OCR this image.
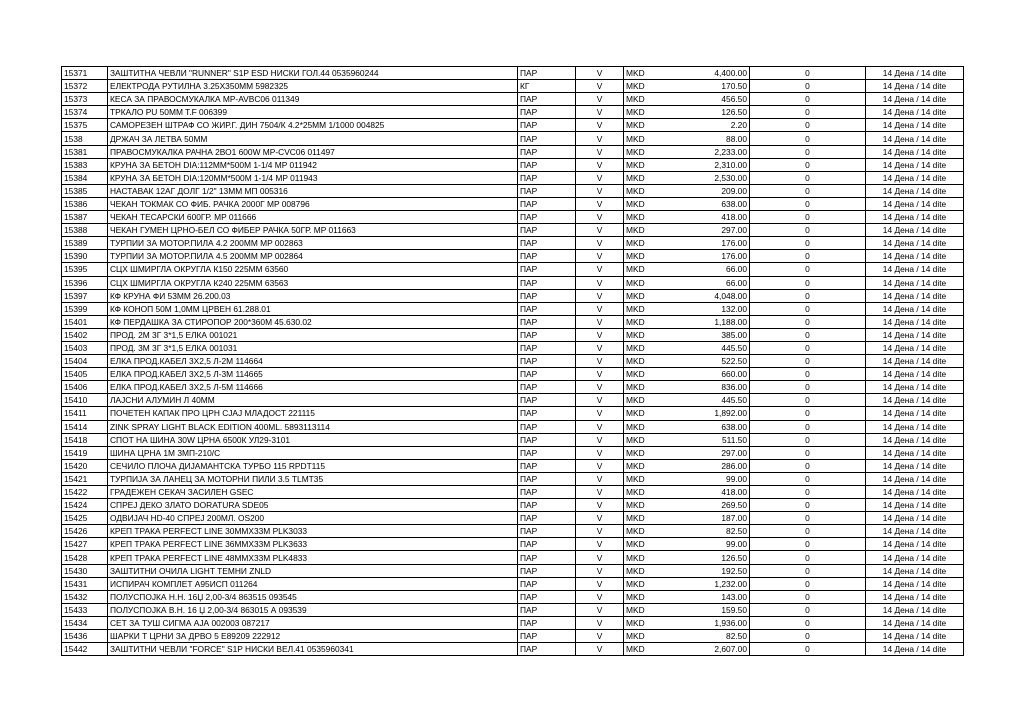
15371	ЗАШТИТНА ЧЕВЛИ "RUNNER" S1P ESD НИСКИ ГОЛ.44 0535960244	ПАР	V	MKD	4,400.00	0	14 Дена / 14 dite
15372	ЕЛЕКТРОДА РУТИЛНА 3.25Х350ММ 5982325	КГ	V	MKD	170.50	0	14 Дена / 14 dite
15373	КЕСА ЗА ПРАВОСМУКАЛКА MP-AVBC06 011349	ПАР	V	MKD	456.50	0	14 Дена / 14 dite
15374	ТРКАЛО PU 50MM T.F 006399	ПАР	V	MKD	126.50	0	14 Дена / 14 dite
15375	САМОРЕЗЕН ШТРАФ СО ЖИР.Г. ДИН 7504/К 4.2*25ММ 1/1000 004825	ПАР	V	MKD	2.20	0	14 Дена / 14 dite
1538	ДРЖАЧ ЗА ЛЕТВА 50ММ	ПАР	V	MKD	88.00	0	14 Дена / 14 dite
15381	ПРАВОСМУКАЛКА РАЧНА 2ВО1 600W MP-CVC06 011497	ПАР	V	MKD	2,233.00	0	14 Дена / 14 dite
15383	КРУНА ЗА БЕТОН DIA:112ММ*500М 1-1/4 MP 011942	ПАР	V	MKD	2,310.00	0	14 Дена / 14 dite
15384	КРУНА ЗА БЕТОН DIA:120ММ*500М 1-1/4 MP 011943	ПАР	V	MKD	2,530.00	0	14 Дена / 14 dite
15385	НАСТАВАК 12АГ ДОЛГ 1/2" 13ММ МП 005316	ПАР	V	MKD	209.00	0	14 Дена / 14 dite
15386	ЧЕКАН ТОКМАК СО ФИБ. РАЧКА 2000Г MP 008796	ПАР	V	MKD	638.00	0	14 Дена / 14 dite
15387	ЧЕКАН ТЕСАРСКИ 600ГР. MP 011666	ПАР	V	MKD	418.00	0	14 Дена / 14 dite
15388	ЧЕКАН ГУМЕН ЦРНО-БЕЛ СО ФИБЕР РАЧКА 50ГР. MP 011663	ПАР	V	MKD	297.00	0	14 Дена / 14 dite
15389	ТУРПИИ ЗА МОТОР.ПИЛА 4.2 200ММ MP 002863	ПАР	V	MKD	176.00	0	14 Дена / 14 dite
15390	ТУРПИИ ЗА МОТОР.ПИЛА 4.5 200ММ MP 002864	ПАР	V	MKD	176.00	0	14 Дена / 14 dite
15395	СЦХ ШМИРГЛА ОКРУГЛА К150 225ММ 63560	ПАР	V	MKD	66.00	0	14 Дена / 14 dite
15396	СЦХ ШМИРГЛА ОКРУГЛА К240 225ММ 63563	ПАР	V	MKD	66.00	0	14 Дена / 14 dite
15397	КФ КРУНА ФИ 53ММ 26.200.03	ПАР	V	MKD	4,048.00	0	14 Дена / 14 dite
15399	КФ КОНОП 50М 1,0ММ ЦРВЕН 61.288.01	ПАР	V	MKD	132.00	0	14 Дена / 14 dite
15401	КФ ПЕРДАШКА ЗА СТИРОПОР 200*360М 45.630.02	ПАР	V	MKD	1,188.00	0	14 Дена / 14 dite
15402	ПРОД. 2М 3Г 3*1,5 ЕЛКА 001021	ПАР	V	MKD	385.00	0	14 Дена / 14 dite
15403	ПРОД. 3М 3Г 3*1,5 ЕЛКА 001031	ПАР	V	MKD	445.50	0	14 Дена / 14 dite
15404	ЕЛКА ПРОД.КАБЕЛ 3Х2,5 Л-2М 114664	ПАР	V	MKD	522.50	0	14 Дена / 14 dite
15405	ЕЛКА ПРОД.КАБЕЛ 3Х2,5 Л-3М 114665	ПАР	V	MKD	660.00	0	14 Дена / 14 dite
15406	ЕЛКА ПРОД.КАБЕЛ 3Х2,5 Л-5М 114666	ПАР	V	MKD	836.00	0	14 Дена / 14 dite
15410	ЛАЈСНИ АЛУМИН Л 40ММ	ПАР	V	MKD	445.50	0	14 Дена / 14 dite
15411	ПОЧЕТЕН КАПАК ПРО ЦРН СЈАЈ МЛАДОСТ 221115	ПАР	V	MKD	1,892.00	0	14 Дена / 14 dite
15414	ZINK SPRAY LIGHT BLACK EDITION 400ML. 5893113114	ПАР	V	MKD	638.00	0	14 Дена / 14 dite
15418	СПОТ НА ШИНА 30W ЦРНА 6500К УЛ29-3101	ПАР	V	MKD	511.50	0	14 Дена / 14 dite
15419	ШИНА ЦРНА 1М 3МП-210/С	ПАР	V	MKD	297.00	0	14 Дена / 14 dite
15420	СЕЧИЛО ПЛОЧА ДИЈАМАНТСКА ТУРБО 115 RPDT115	ПАР	V	MKD	286.00	0	14 Дена / 14 dite
15421	ТУРПИЈА ЗА ЛАНЕЦ ЗА МОТОРНИ ПИЛИ 3.5 TLMT35	ПАР	V	MKD	99.00	0	14 Дена / 14 dite
15422	ГРАДЕЖЕН СЕКАЧ ЗАСИЛЕН GSEC	ПАР	V	MKD	418.00	0	14 Дена / 14 dite
15424	СПРЕЈ ДЕКО ЗЛАТО DORATURA SDE05	ПАР	V	MKD	269.50	0	14 Дена / 14 dite
15425	ОДВИЈАЧ HD-40 СПРЕЈ 200МЛ. OS200	ПАР	V	MKD	187.00	0	14 Дена / 14 dite
15426	КРЕП ТРАКА PERFECT LINE 30MMX33M PLK3033	ПАР	V	MKD	82.50	0	14 Дена / 14 dite
15427	КРЕП ТРАКА PERFECT LINE 36MMX33M PLK3633	ПАР	V	MKD	99.00	0	14 Дена / 14 dite
15428	КРЕП ТРАКА PERFECT LINE 48MMX33M PLK4833	ПАР	V	MKD	126.50	0	14 Дена / 14 dite
15430	ЗАШТИТНИ ОЧИЛА LIGHT ТЕМНИ ZNLD	ПАР	V	MKD	192.50	0	14 Дена / 14 dite
15431	ИСПИРАЧ КОМПЛЕТ А95ИСП 011264	ПАР	V	MKD	1,232.00	0	14 Дена / 14 dite
15432	ПОЛУСПОЈКА Н.Н. 16Џ 2,00-3/4 863515 093545	ПАР	V	MKD	143.00	0	14 Дена / 14 dite
15433	ПОЛУСПОЈКА В.Н. 16 Џ 2,00-3/4 863015 А 093539	ПАР	V	MKD	159.50	0	14 Дена / 14 dite
15434	СЕТ ЗА ТУШ СИГМА АЈА 002003 087217	ПАР	V	MKD	1,936.00	0	14 Дена / 14 dite
15436	ШАРКИ Т ЦРНИ ЗА ДРВО 5 Е89209 222912	ПАР	V	MKD	82.50	0	14 Дена / 14 dite
15442	ЗАШТИТНИ ЧЕВЛИ "FORCE" S1P НИСКИ ВЕЛ.41 0535960341	ПАР	V	MKD	2,607.00	0	14 Дена / 14 dite
